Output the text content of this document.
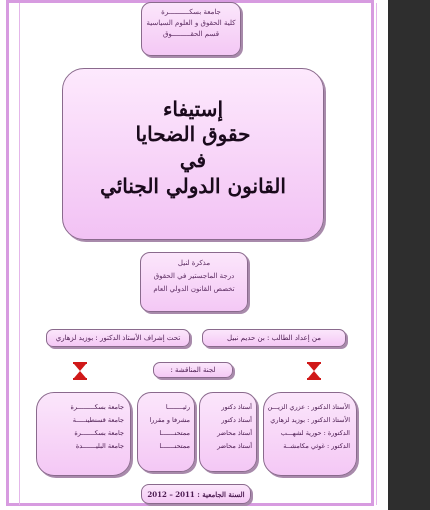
جامعة بسكــــــــــرة
كلية الحقوق و العلوم السياسية
قسم الحقـــــــــوق
إستيفاء
حقوق الضحايا
في
القانون الدولي الجنائي
مذكرة لنيل
درجة الماجستير في الحقوق
تخصص القانون الدولي العام
من إعداد الطالب : بن حديم نبيل
تحت إشراف الأستاذ الدكتور : بوزيد لزهاري
لجنة المناقشة :
الأستاذ الدكتور : عزري الزيـــن
الأستاذ الدكتور : بوزيد لزهاري
الدكتورة : حورية لشهـــب
الدكتور : غوثي مكامشــة
أستاذ دكتور
أستاذ دكتور
أستاذ محاضر
أستاذ محاضر
رئيــــــــا
مشرفا و مقررا
ممتحنـــــــا
ممتحنـــــــا
جامعة بسكـــــــــرة
جامعة قسنطينـــــة
جامعة بسكـــــــرة
جامعة البليـــــــدة
السنة الجامعية : 2011 – 2012
